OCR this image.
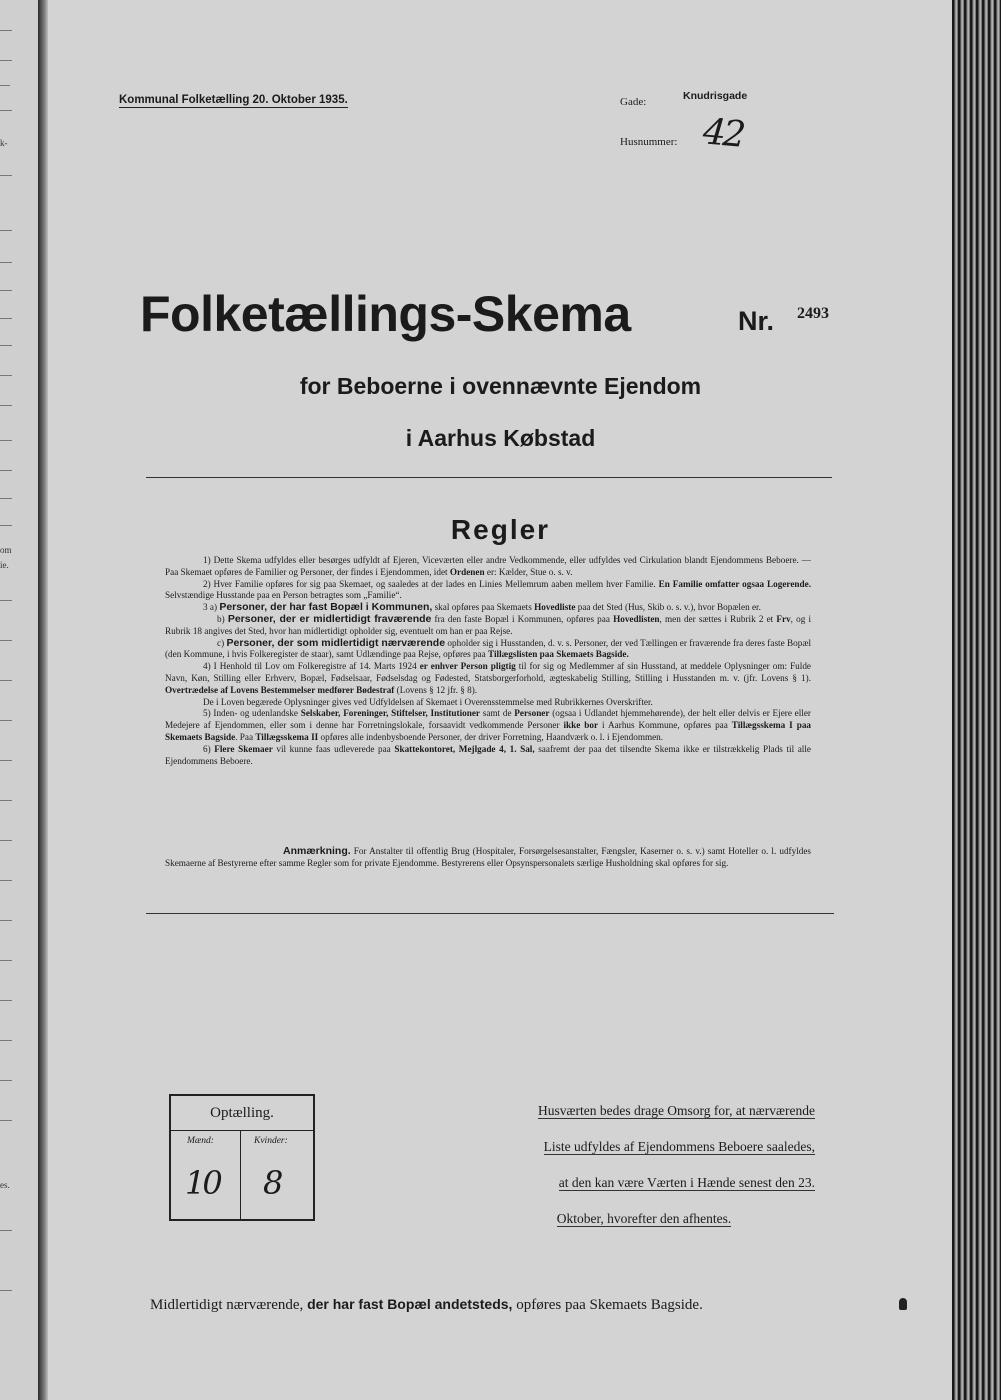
k-
om
ie.
es.
Kommunal Folketælling 20. Oktober 1935.	Gade:	Knudrisgade
Husnummer: 42
Folketællings-Skema	Nr. 2493
for Beboerne i ovennævnte Ejendom
i Aarhus Købstad
Regler

1) Dette Skema udfyldes eller besørges udfyldt af Ejeren, Viceværten eller andre Vedkommende, eller udfyldes ved Cirkulation blandt Ejendommens Beboere. — Paa Skemaet opføres de Familier og Personer, der findes i Ejendommen, idet Ordenen er: Kælder, Stue o. s. v.

2) Hver Familie opføres for sig paa Skemaet, og saaledes at der lades en Linies Mellemrum aaben mellem hver Familie. En Familie omfatter ogsaa Logerende. Selvstændige Husstande paa en Person betragtes som „Familie“.

3 a) Personer, der har fast Bopæl i Kommunen, skal opføres paa Skemaets Hovedliste paa det Sted (Hus, Skib o. s. v.), hvor Bopælen er.

b) Personer, der er midlertidigt fraværende fra den faste Bopæl i Kommunen, opføres paa Hovedlisten, men der sættes i Rubrik 2 et Frv, og i Rubrik 18 angives det Sted, hvor han midlertidigt opholder sig, eventuelt om han er paa Rejse.

c) Personer, der som midlertidigt nærværende opholder sig i Husstanden, d. v. s. Personer, der ved Tællingen er fraværende fra deres faste Bopæl (den Kommune, i hvis Folkeregister de staar), samt Udlændinge paa Rejse, opføres paa Tillægslisten paa Skemaets Bagside.

4) I Henhold til Lov om Folkeregistre af 14. Marts 1924 er enhver Person pligtig til for sig og Medlemmer af sin Husstand, at meddele Oplysninger om: Fulde Navn, Køn, Stilling eller Erhverv, Bopæl, Fødselsaar, Fødselsdag og Fødested, Statsborgerforhold, ægteskabelig Stilling, Stilling i Husstanden m. v. (jfr. Lovens § 1). Overtrædelse af Lovens Bestemmelser medfører Bødestraf (Lovens § 12 jfr. § 8).

De i Loven begærede Oplysninger gives ved Udfyldelsen af Skemaet i Overensstemmelse med Rubrikkernes Overskrifter.

5) Inden- og udenlandske Selskaber, Foreninger, Stiftelser, Institutioner samt de Personer (ogsaa i Udlandet hjemmehørende), der helt eller delvis er Ejere eller Medejere af Ejendommen, eller som i denne har Forretningslokale, forsaavidt vedkommende Personer ikke bor i Aarhus Kommune, opføres paa Tillægsskema I paa Skemaets Bagside. Paa Tillægsskema II opføres alle indenbysboende Personer, der driver Forretning, Haandværk o. l. i Ejendommen.

6) Flere Skemaer vil kunne faas udleverede paa Skattekontoret, Mejlgade 4, 1. Sal, saafremt der paa det tilsendte Skema ikke er tilstrækkelig Plads til alle Ejendommens Beboere.

Anmærkning. For Anstalter til offentlig Brug (Hospitaler, Forsørgelsesanstalter, Fængsler, Kaserner o. s. v.) samt Hoteller o. l. udfyldes Skemaerne af Bestyrerne efter samme Regler som for private Ejendomme. Bestyrerens eller Opsynspersonalets særlige Husholdning skal opføres for sig.
Optælling.
Mænd:	Kvinder:
10 8
Husværten bedes drage Omsorg for, at nærværende
Liste udfyldes af Ejendommens Beboere saaledes,
at den kan være Værten i Hænde senest den 23.
Oktober, hvorefter den afhentes.
Midlertidigt nærværende, der har fast Bopæl andetsteds, opføres paa Skemaets Bagside.
